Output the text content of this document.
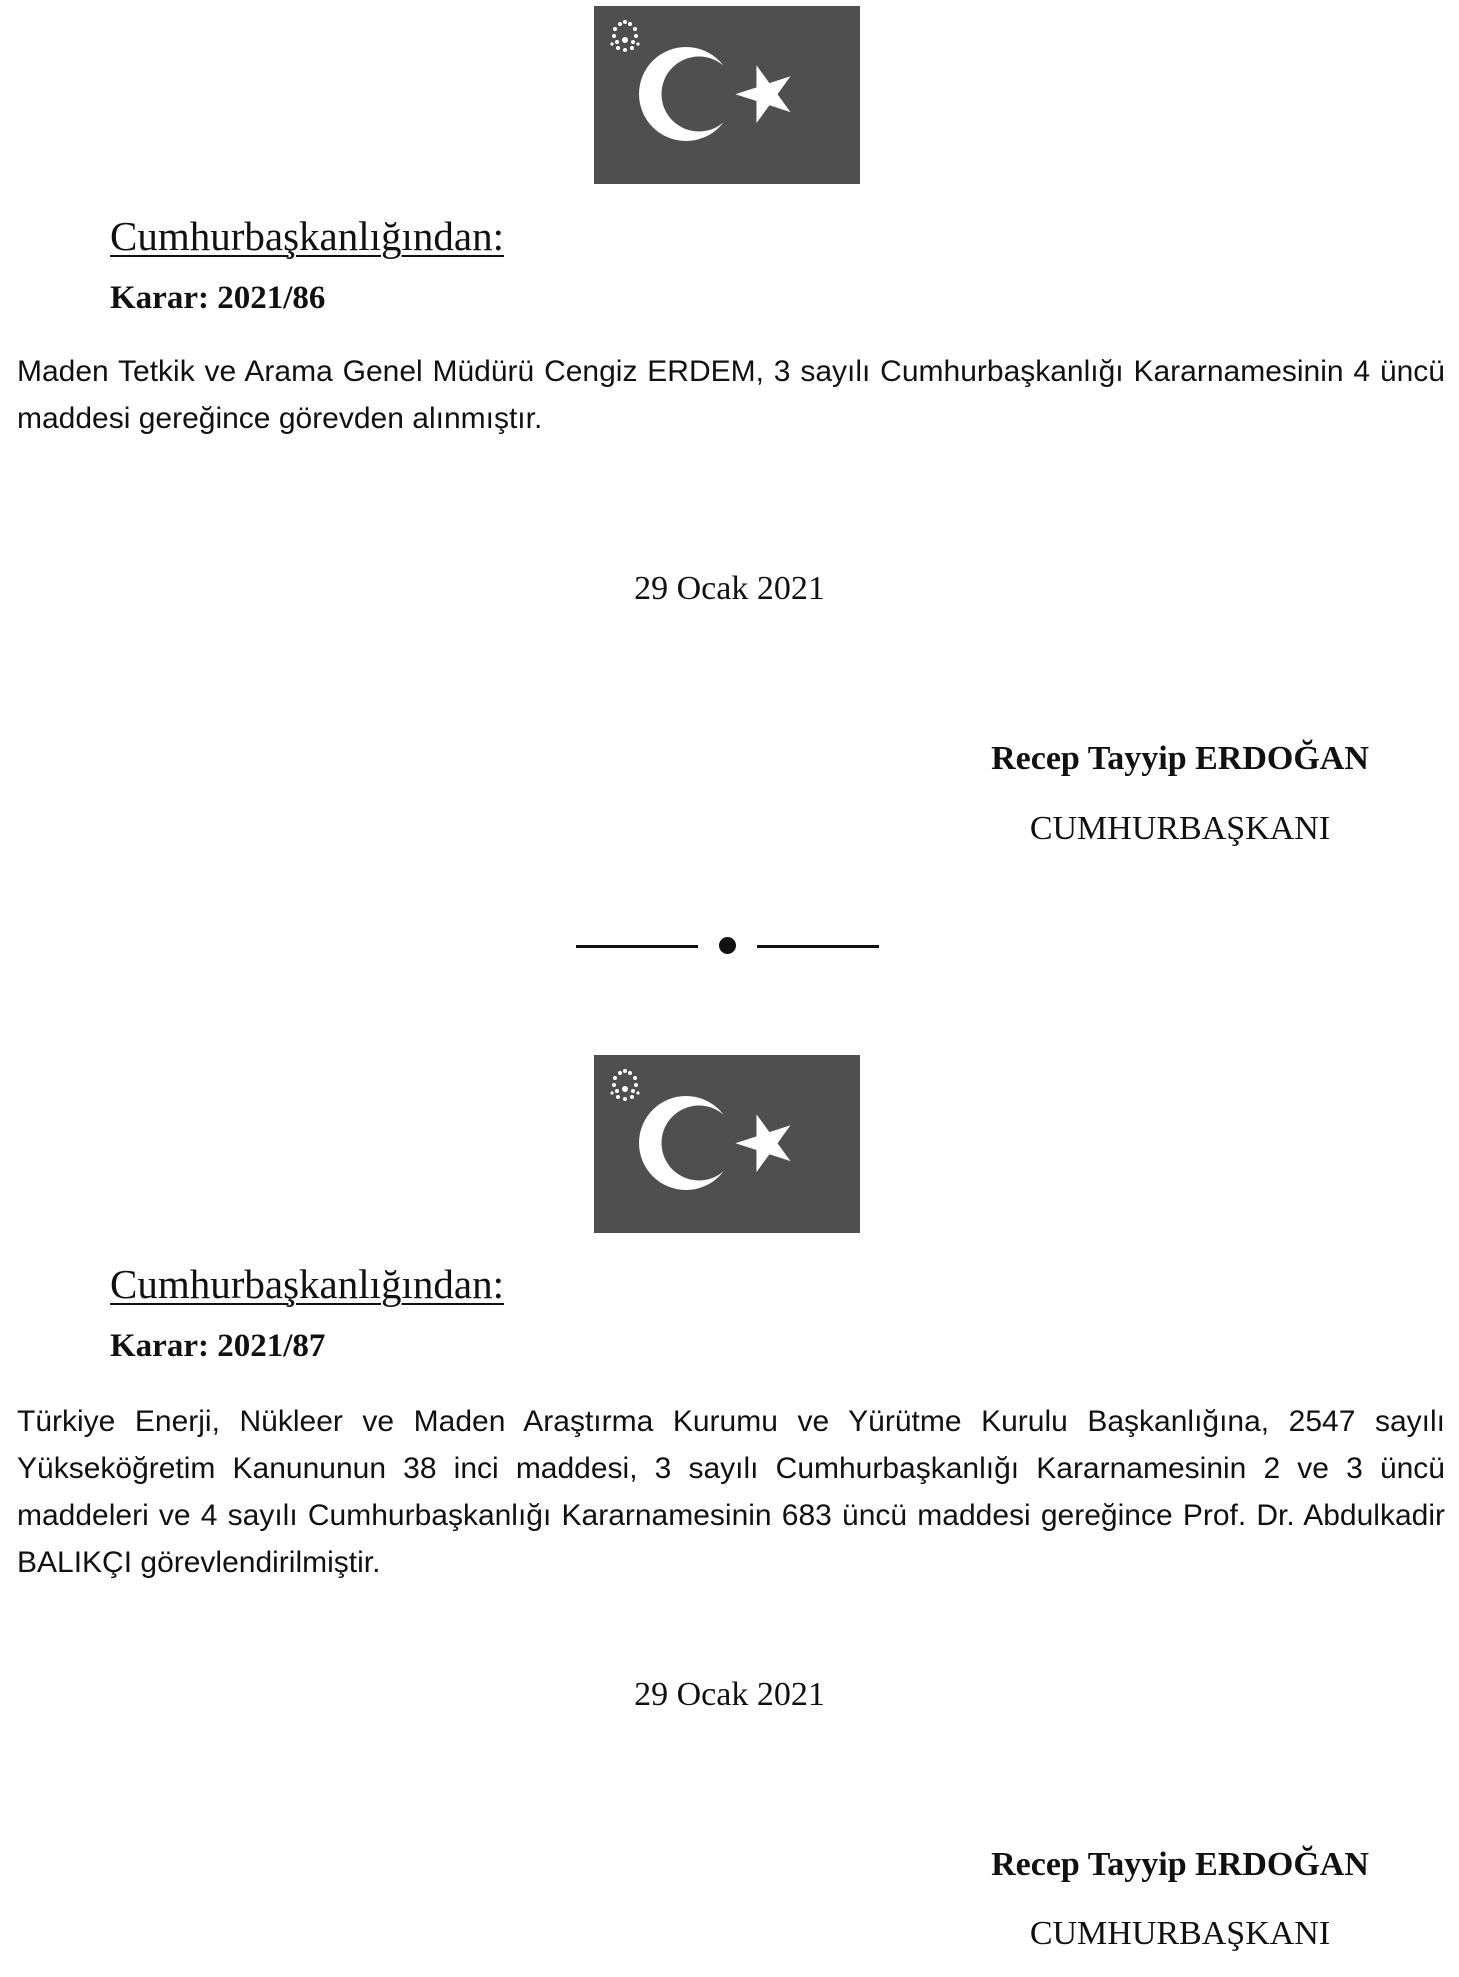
Cumhurbaşkanlığından:
Karar: 2021/86
Maden Tetkik ve Arama Genel Müdürü Cengiz ERDEM, 3 sayılı Cumhurbaşkanlığı Kararnamesinin 4 üncü maddesi gereğince görevden alınmıştır.
29 Ocak 2021
Recep Tayyip ERDOĞAN
CUMHURBAŞKANI
Cumhurbaşkanlığından:
Karar: 2021/87
Türkiye Enerji, Nükleer ve Maden Araştırma Kurumu ve Yürütme Kurulu Başkanlığına, 2547 sayılı Yükseköğretim Kanununun 38 inci maddesi, 3 sayılı Cumhurbaşkanlığı Kararnamesinin 2 ve 3 üncü maddeleri ve 4 sayılı Cumhurbaşkanlığı Kararnamesinin 683 üncü maddesi gereğince Prof. Dr. Abdulkadir BALIKÇI görevlendirilmiştir.
29 Ocak 2021
Recep Tayyip ERDOĞAN
CUMHURBAŞKANI
